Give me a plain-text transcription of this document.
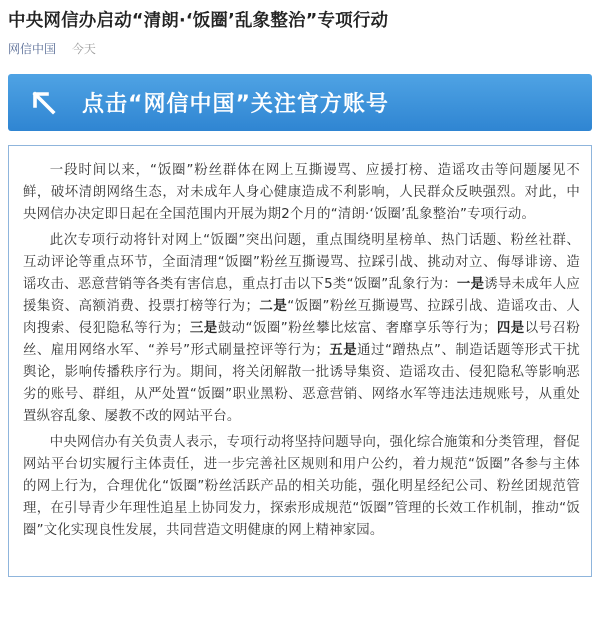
中央网信办启动“清朗·‘饭圈’乱象整治”专项行动
网信中国 今天
点击“网信中国”关注官方账号

一段时间以来，“饭圈”粉丝群体在网上互撕谩骂、应援打榜、造谣攻击等问题屡见不鲜，破坏清朗网络生态，对未成年人身心健康造成不利影响，人民群众反映强烈。对此，中央网信办决定即日起在全国范围内开展为期2个月的“清朗·‘饭圈’乱象整治”专项行动。

此次专项行动将针对网上“饭圈”突出问题，重点围绕明星榜单、热门话题、粉丝社群、互动评论等重点环节，全面清理“饭圈”粉丝互撕谩骂、拉踩引战、挑动对立、侮辱诽谤、造谣攻击、恶意营销等各类有害信息，重点打击以下5类“饭圈”乱象行为：一是诱导未成年人应援集资、高额消费、投票打榜等行为；二是“饭圈”粉丝互撕谩骂、拉踩引战、造谣攻击、人肉搜索、侵犯隐私等行为；三是鼓动“饭圈”粉丝攀比炫富、奢靡享乐等行为；四是以号召粉丝、雇用网络水军、“养号”形式刷量控评等行为；五是通过“蹭热点”、制造话题等形式干扰舆论，影响传播秩序行为。期间，将关闭解散一批诱导集资、造谣攻击、侵犯隐私等影响恶劣的账号、群组，从严处置“饭圈”职业黑粉、恶意营销、网络水军等违法违规账号，从重处置纵容乱象、屡教不改的网站平台。

中央网信办有关负责人表示，专项行动将坚持问题导向，强化综合施策和分类管理，督促网站平台切实履行主体责任，进一步完善社区规则和用户公约，着力规范“饭圈”各参与主体的网上行为，合理优化“饭圈”粉丝活跃产品的相关功能，强化明星经纪公司、粉丝团规范管理，在引导青少年理性追星上协同发力，探索形成规范“饭圈”管理的长效工作机制，推动“饭圈”文化实现良性发展，共同营造文明健康的网上精神家园。
